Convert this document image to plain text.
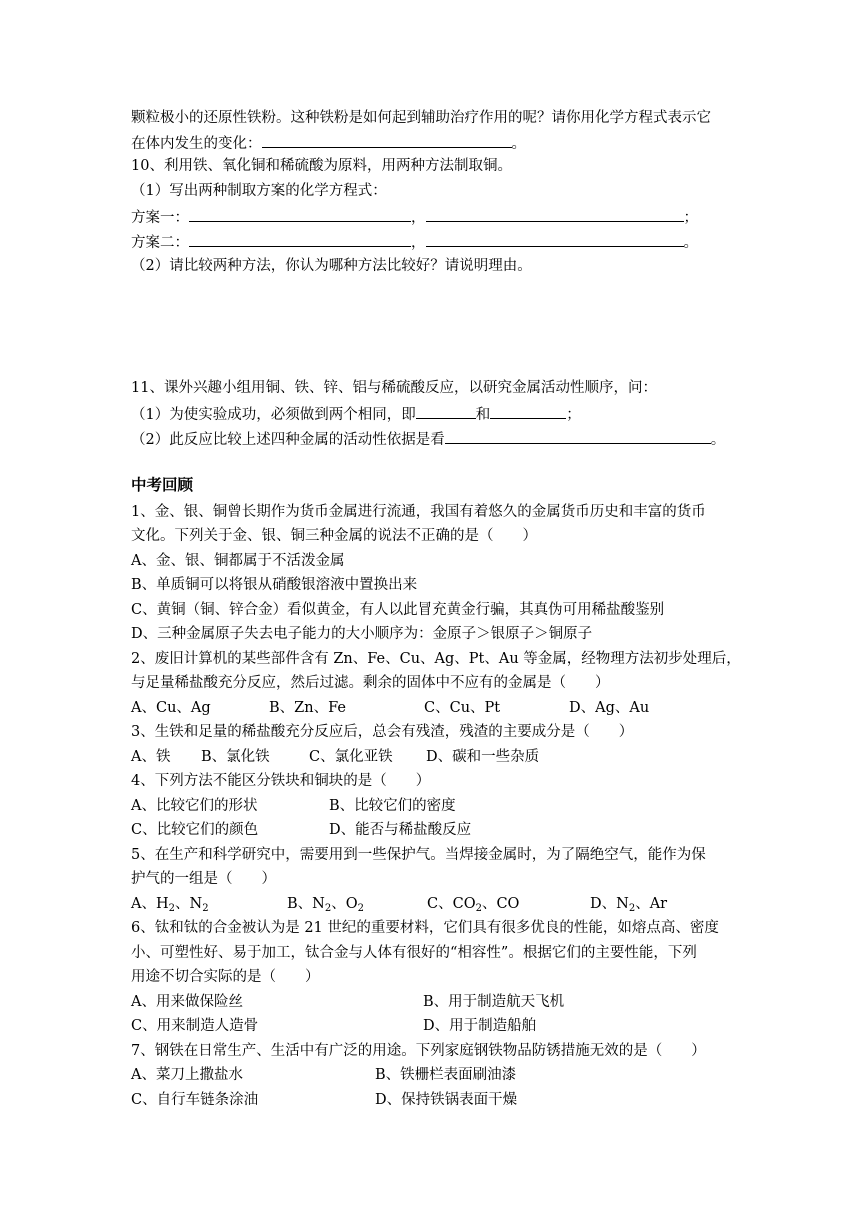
颗粒极小的还原性铁粉。这种铁粉是如何起到辅助治疗作用的呢？请你用化学方程式表示它
在体内发生的变化：	。
10、利用铁、氧化铜和稀硫酸为原料，用两种方法制取铜。
（1）写出两种制取方案的化学方程式：
方案一：	，	；
方案二：	，	。
（2）请比较两种方法，你认为哪种方法比较好？请说明理由。
11、课外兴趣小组用铜、铁、锌、铝与稀硫酸反应，以研究金属活动性顺序，问：
（1）为使实验成功，必须做到两个相同，即	和	；
（2）此反应比较上述四种金属的活动性依据是看	。
中考回顾
1、金、银、铜曾长期作为货币金属进行流通，我国有着悠久的金属货币历史和丰富的货币
文化。下列关于金、银、铜三种金属的说法不正确的是（　　）
A、金、银、铜都属于不活泼金属
B、单质铜可以将银从硝酸银溶液中置换出来
C、黄铜（铜、锌合金）看似黄金，有人以此冒充黄金行骗，其真伪可用稀盐酸鉴别
D、三种金属原子失去电子能力的大小顺序为：金原子＞银原子＞铜原子
2、废旧计算机的某些部件含有 Zn、Fe、Cu、Ag、Pt、Au 等金属，经物理方法初步处理后，
与足量稀盐酸充分反应，然后过滤。剩余的固体中不应有的金属是（　　）
A、Cu、Ag	B、Zn、Fe	C、Cu、Pt	D、Ag、Au
3、生铁和足量的稀盐酸充分反应后，总会有残渣，残渣的主要成分是（　　）
A、铁 B、氯化铁	C、氯化亚铁 D、碳和一些杂质
4、下列方法不能区分铁块和铜块的是（　　）
A、比较它们的形状	B、比较它们的密度
C、比较它们的颜色	D、能否与稀盐酸反应
5、在生产和科学研究中，需要用到一些保护气。当焊接金属时，为了隔绝空气，能作为保
护气的一组是（　　）
A、$H_2$、$N_2$	B、$N_2$、$O_2$	C、$CO_2$、CO	D、$N_2$、Ar
6、钛和钛的合金被认为是 21 世纪的重要材料，它们具有很多优良的性能，如熔点高、密度
小、可塑性好、易于加工，钛合金与人体有很好的“相容性”。根据它们的主要性能，下列
用途不切合实际的是（　　）
A、用来做保险丝	B、用于制造航天飞机
C、用来制造人造骨	D、用于制造船舶
7、钢铁在日常生产、生活中有广泛的用途。下列家庭钢铁物品防锈措施无效的是（　　）
A、菜刀上撒盐水	B、铁栅栏表面刷油漆
C、自行车链条涂油	D、保持铁锅表面干燥
